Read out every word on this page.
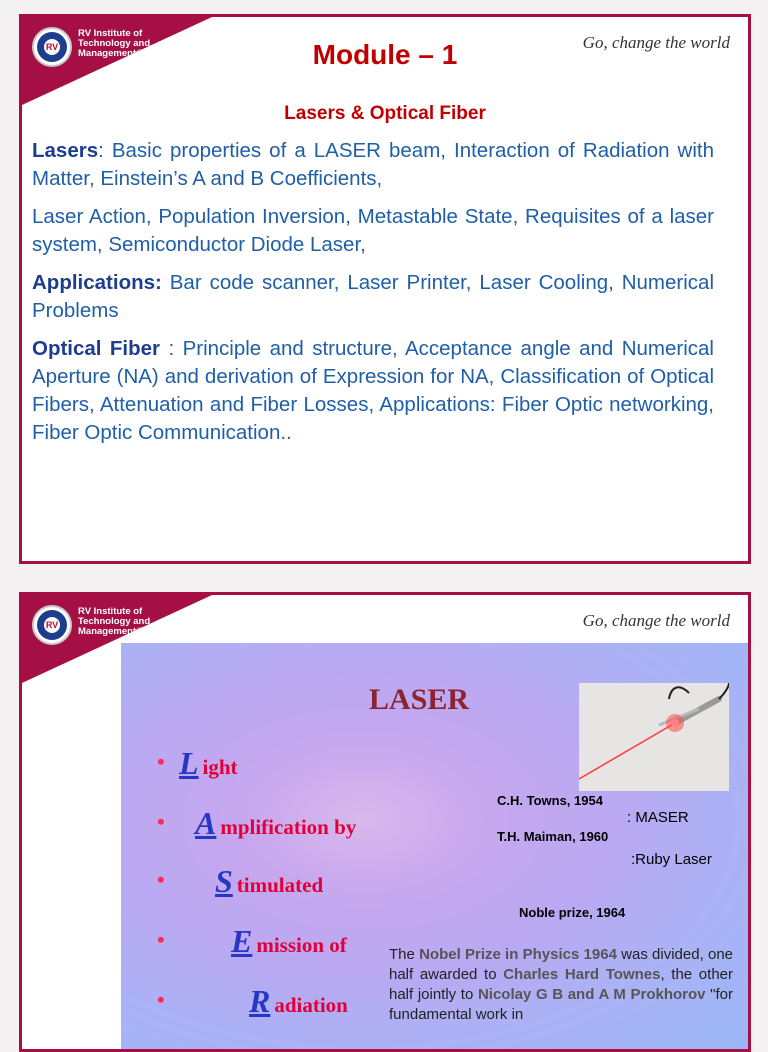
RV
RV Institute of
Technology and
Management®
Go, change the world
Module – 1
Lasers & Optical Fiber

Lasers: Basic properties of a LASER beam, Interaction of Radiation with Matter, Einstein’s A and B Coefficients,

Laser Action, Population Inversion, Metastable State, Requisites of a laser system, Semiconductor Diode Laser,

Applications: Bar code scanner, Laser Printer, Laser Cooling, Numerical Problems

Optical Fiber : Principle and structure, Acceptance angle and Numerical Aperture (NA) and derivation of Expression for NA, Classification of Optical Fibers, Attenuation and Fiber Losses, Applications: Fiber Optic networking, Fiber Optic Communication..

RV
RV Institute of
Technology and
Management®
Go, change the world
LASER
• Light
• Amplification by
• Stimulated
• Emission of
•	Radiation
C.H. Towns, 1954
: MASER
T.H. Maiman, 1960
:Ruby Laser
Noble prize, 1964
The Nobel Prize in Physics 1964 was divided, one half awarded to Charles Hard Townes, the other half jointly to Nicolay G B and A M Prokhorov "for fundamental work in
